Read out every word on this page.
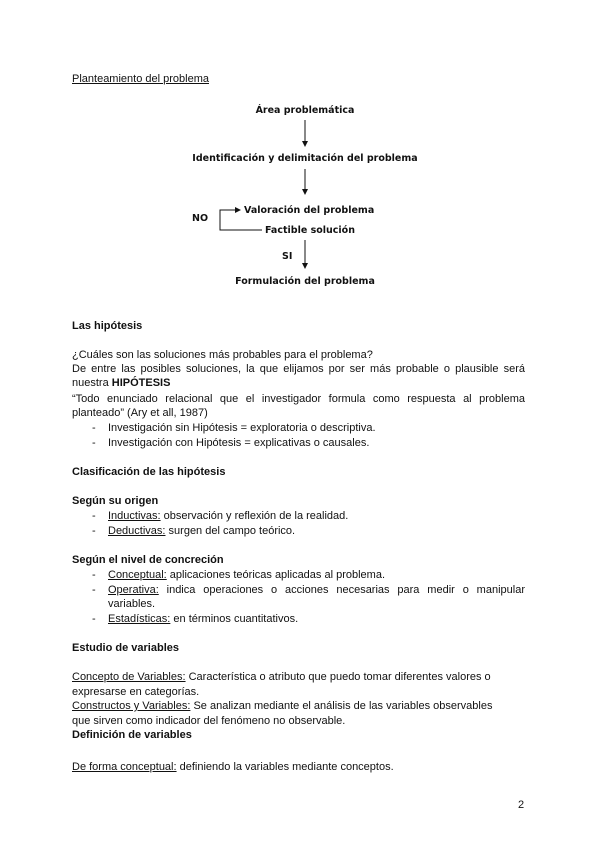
Planteamiento del problema
Área problemática
Identificación y delimitación del problema
NO
Valoración del problema
Factible solución
SI
Formulación del problema
Las hipótesis
¿Cuáles son las soluciones más probables para el problema?
De entre las posibles soluciones, la que elijamos por ser más probable o plausible será
nuestra HIPÓTESIS
“Todo enunciado relacional que el investigador formula como respuesta al problema
planteado” (Ary et all, 1987)
- Investigación sin Hipótesis = exploratoria o descriptiva.
- Investigación con Hipótesis = explicativas o causales.
Clasificación de las hipótesis
Según su origen
- Inductivas: observación y reflexión de la realidad.
- Deductivas: surgen del campo teórico.
Según el nivel de concreción
- Conceptual: aplicaciones teóricas aplicadas al problema.
- Operativa: indica operaciones o acciones necesarias para medir o manipular
variables.
- Estadísticas: en términos cuantitativos.
Estudio de variables
Concepto de Variables: Característica o atributo que puedo tomar diferentes valores o
expresarse en categorías.
Constructos y Variables: Se analizan mediante el análisis de las variables observables
que sirven como indicador del fenómeno no observable.
Definición de variables
De forma conceptual: definiendo la variables mediante conceptos.
2
